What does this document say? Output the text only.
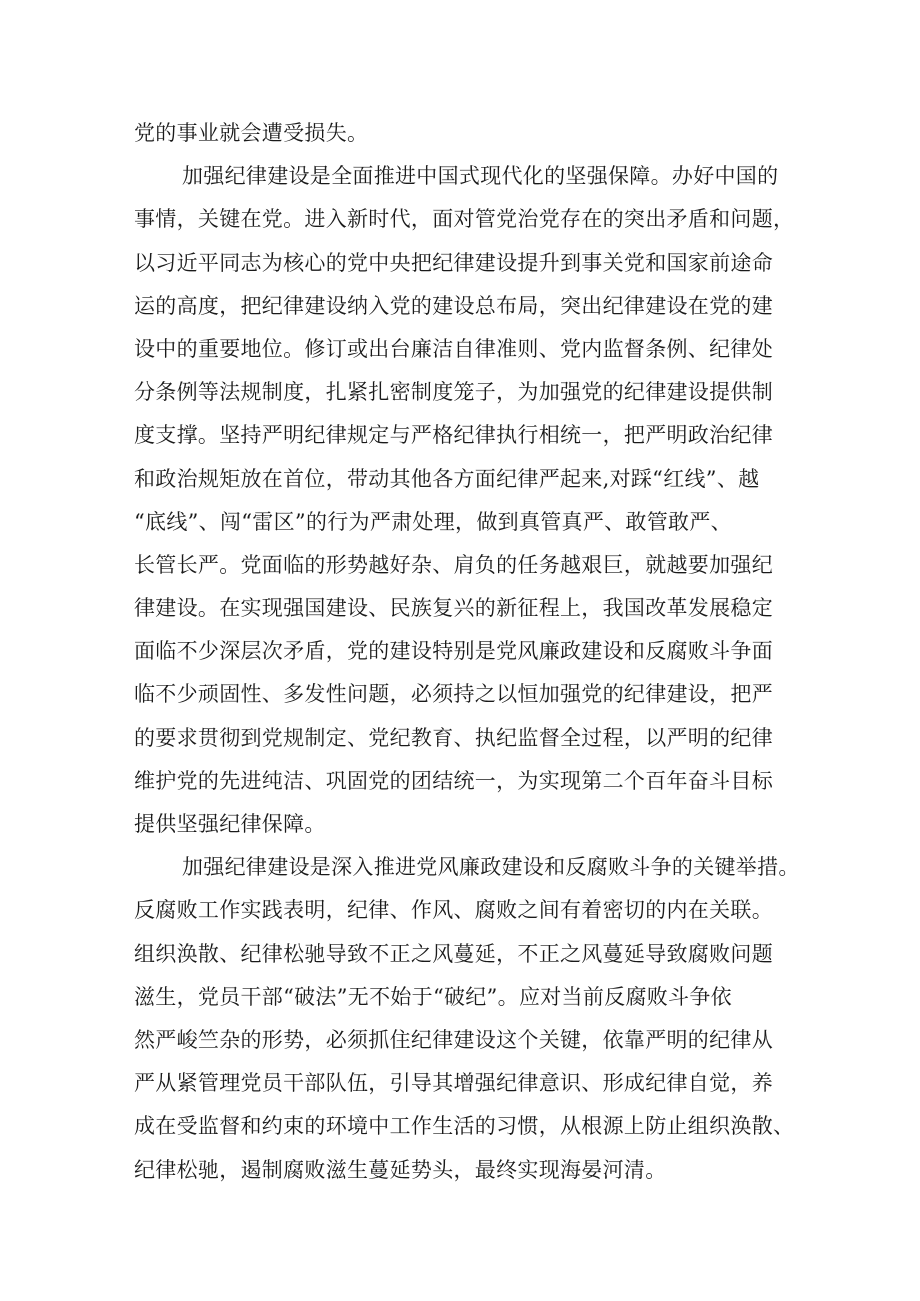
党的事业就会遭受损失。
加强纪律建设是全面推进中国式现代化的坚强保障。办好中国的
事情，关键在党。进入新时代，面对管党治党存在的突出矛盾和问题，
以习近平同志为核心的党中央把纪律建设提升到事关党和国家前途命
运的高度，把纪律建设纳入党的建设总布局，突出纪律建设在党的建
设中的重要地位。修订或出台廉洁自律准则、党内监督条例、纪律处
分条例等法规制度，扎紧扎密制度笼子，为加强党的纪律建设提供制
度支撑。坚持严明纪律规定与严格纪律执行相统一，把严明政治纪律
和政治规矩放在首位，带动其他各方面纪律严起来,对踩“红线”、越
“底线”、闯“雷区”的行为严肃处理，做到真管真严、敢管敢严、
长管长严。党面临的形势越好杂、肩负的任务越艰巨，就越要加强纪
律建设。在实现强国建设、民族复兴的新征程上，我国改革发展稳定
面临不少深层次矛盾，党的建设特别是党风廉政建设和反腐败斗争面
临不少顽固性、多发性问题，必须持之以恒加强党的纪律建设，把严
的要求贯彻到党规制定、党纪教育、执纪监督全过程，以严明的纪律
维护党的先进纯洁、巩固党的团结统一，为实现第二个百年奋斗目标
提供坚强纪律保障。
加强纪律建设是深入推进党风廉政建设和反腐败斗争的关键举措。
反腐败工作实践表明，纪律、作风、腐败之间有着密切的内在关联。
组织涣散、纪律松驰导致不正之风蔓延，不正之风蔓延导致腐败问题
滋生，党员干部“破法”无不始于“破纪”。应对当前反腐败斗争依
然严峻竺杂的形势，必须抓住纪律建设这个关键，依靠严明的纪律从
严从紧管理党员干部队伍，引导其增强纪律意识、形成纪律自觉，养
成在受监督和约束的环境中工作生活的习惯，从根源上防止组织涣散、
纪律松驰，遏制腐败滋生蔓延势头，最终实现海晏河清。
